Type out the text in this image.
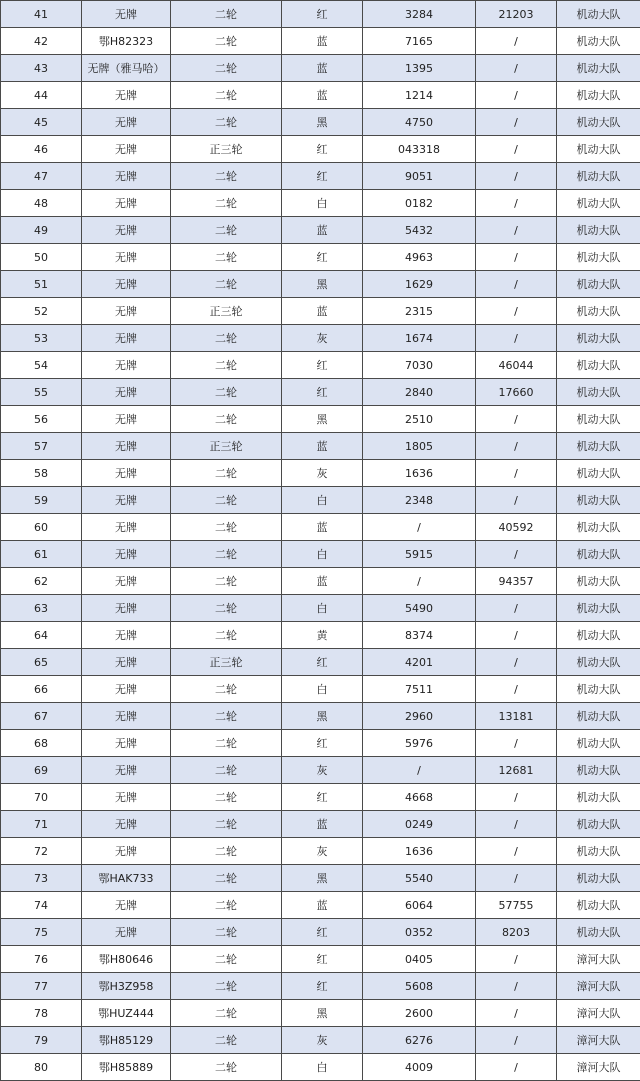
41	无牌	二轮	红	3284	21203	机动大队
42	鄂H82323	二轮	蓝	7165	/	机动大队
43	无牌（雅马哈）	二轮	蓝	1395	/	机动大队
44	无牌	二轮	蓝	1214	/	机动大队
45	无牌	二轮	黑	4750	/	机动大队
46	无牌	正三轮	红	043318	/	机动大队
47	无牌	二轮	红	9051	/	机动大队
48	无牌	二轮	白	0182	/	机动大队
49	无牌	二轮	蓝	5432	/	机动大队
50	无牌	二轮	红	4963	/	机动大队
51	无牌	二轮	黑	1629	/	机动大队
52	无牌	正三轮	蓝	2315	/	机动大队
53	无牌	二轮	灰	1674	/	机动大队
54	无牌	二轮	红	7030	46044	机动大队
55	无牌	二轮	红	2840	17660	机动大队
56	无牌	二轮	黑	2510	/	机动大队
57	无牌	正三轮	蓝	1805	/	机动大队
58	无牌	二轮	灰	1636	/	机动大队
59	无牌	二轮	白	2348	/	机动大队
60	无牌	二轮	蓝	/	40592	机动大队
61	无牌	二轮	白	5915	/	机动大队
62	无牌	二轮	蓝	/	94357	机动大队
63	无牌	二轮	白	5490	/	机动大队
64	无牌	二轮	黄	8374	/	机动大队
65	无牌	正三轮	红	4201	/	机动大队
66	无牌	二轮	白	7511	/	机动大队
67	无牌	二轮	黑	2960	13181	机动大队
68	无牌	二轮	红	5976	/	机动大队
69	无牌	二轮	灰	/	12681	机动大队
70	无牌	二轮	红	4668	/	机动大队
71	无牌	二轮	蓝	0249	/	机动大队
72	无牌	二轮	灰	1636	/	机动大队
73	鄂HAK733	二轮	黑	5540	/	机动大队
74	无牌	二轮	蓝	6064	57755	机动大队
75	无牌	二轮	红	0352	8203	机动大队
76	鄂H80646	二轮	红	0405	/	漳河大队
77	鄂H3Z958	二轮	红	5608	/	漳河大队
78	鄂HUZ444	二轮	黑	2600	/	漳河大队
79	鄂H85129	二轮	灰	6276	/	漳河大队
80	鄂H85889	二轮	白	4009	/	漳河大队
